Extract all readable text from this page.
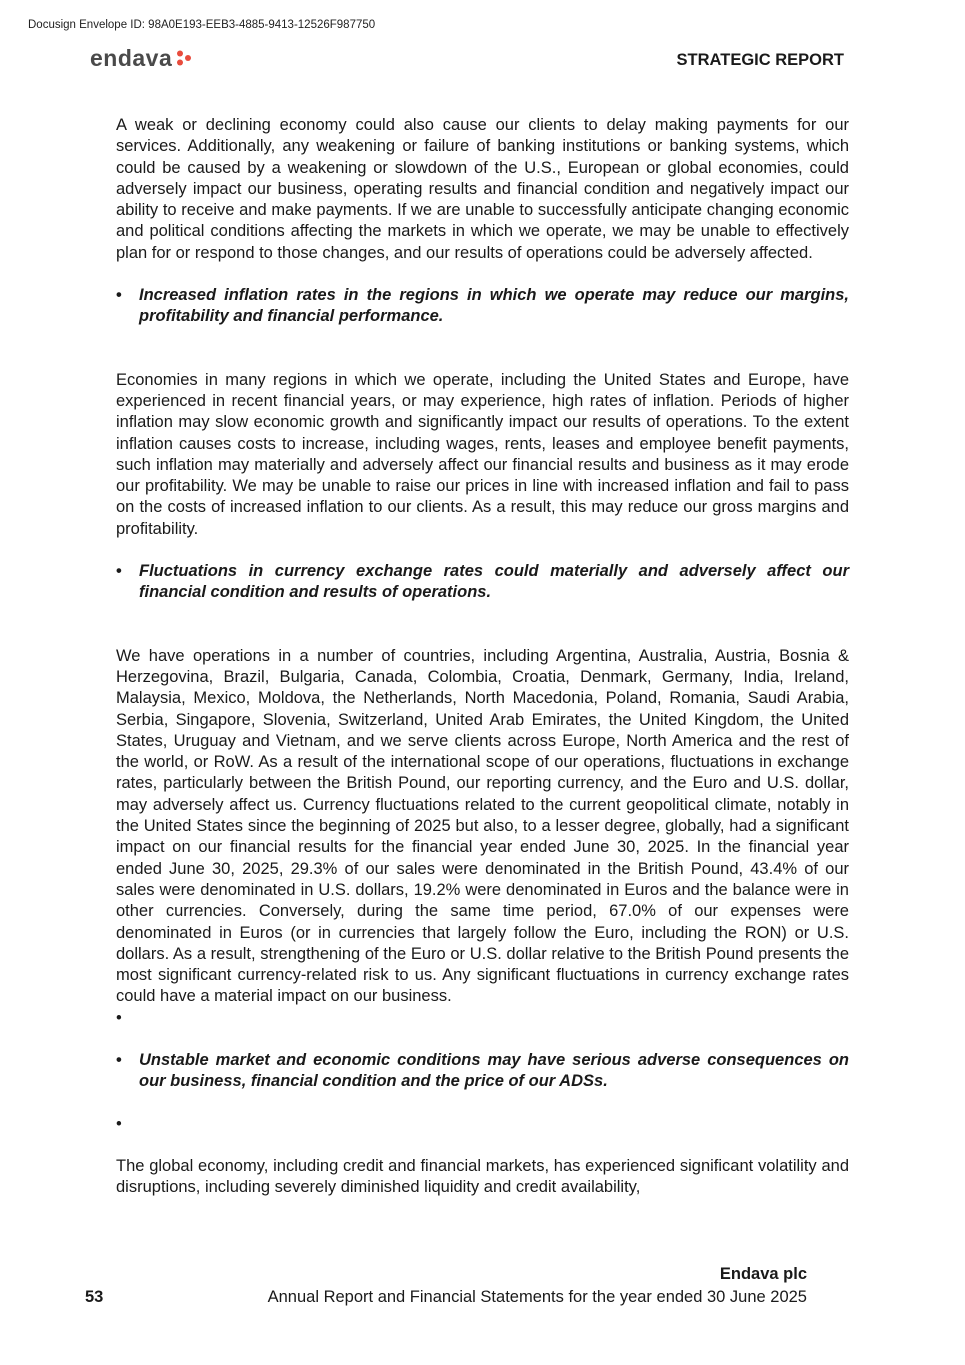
Docusign Envelope ID: 98A0E193-EEB3-4885-9413-12526F987750
endava	STRATEGIC REPORT

A weak or declining economy could also cause our clients to delay making payments for our services. Additionally, any weakening or failure of banking institutions or banking systems, which could be caused by a weakening or slowdown of the U.S., European or global economies, could adversely impact our business, operating results and financial condition and negatively impact our ability to receive and make payments. If we are unable to successfully anticipate changing economic and political conditions affecting the markets in which we operate, we may be unable to effectively plan for or respond to those changes, and our results of operations could be adversely affected.

•	Increased inflation rates in the regions in which we operate may reduce our margins, profitability and financial performance.

Economies in many regions in which we operate, including the United States and Europe, have experienced in recent financial years, or may experience, high rates of inflation. Periods of higher inflation may slow economic growth and significantly impact our results of operations. To the extent inflation causes costs to increase, including wages, rents, leases and employee benefit payments, such inflation may materially and adversely affect our financial results and business as it may erode our profitability. We may be unable to raise our prices in line with increased inflation and fail to pass on the costs of increased inflation to our clients. As a result, this may reduce our gross margins and profitability.

•	Fluctuations in currency exchange rates could materially and adversely affect our financial condition and results of operations.

We have operations in a number of countries, including Argentina, Australia, Austria, Bosnia & Herzegovina, Brazil, Bulgaria, Canada, Colombia, Croatia, Denmark, Germany, India, Ireland, Malaysia, Mexico, Moldova, the Netherlands, North Macedonia, Poland, Romania, Saudi Arabia, Serbia, Singapore, Slovenia, Switzerland, United Arab Emirates, the United Kingdom, the United States, Uruguay and Vietnam, and we serve clients across Europe, North America and the rest of the world, or RoW. As a result of the international scope of our operations, fluctuations in exchange rates, particularly between the British Pound, our reporting currency, and the Euro and U.S. dollar, may adversely affect us. Currency fluctuations related to the current geopolitical climate, notably in the United States since the beginning of 2025 but also, to a lesser degree, globally, had a significant impact on our financial results for the financial year ended June 30, 2025. In the financial year ended June 30, 2025, 29.3% of our sales were denominated in the British Pound, 43.4% of our sales were denominated in U.S. dollars, 19.2% were denominated in Euros and the balance were in other currencies. Conversely, during the same time period, 67.0% of our expenses were denominated in Euros (or in currencies that largely follow the Euro, including the RON) or U.S. dollars. As a result, strengthening of the Euro or U.S. dollar relative to the British Pound presents the most significant currency-related risk to us. Any significant fluctuations in currency exchange rates could have a material impact on our business.

•
•	Unstable market and economic conditions may have serious adverse consequences on our business, financial condition and the price of our ADSs.
•

The global economy, including credit and financial markets, has experienced significant volatility and disruptions, including severely diminished liquidity and credit availability,

Endava plc
53	Annual Report and Financial Statements for the year ended 30 June 2025
